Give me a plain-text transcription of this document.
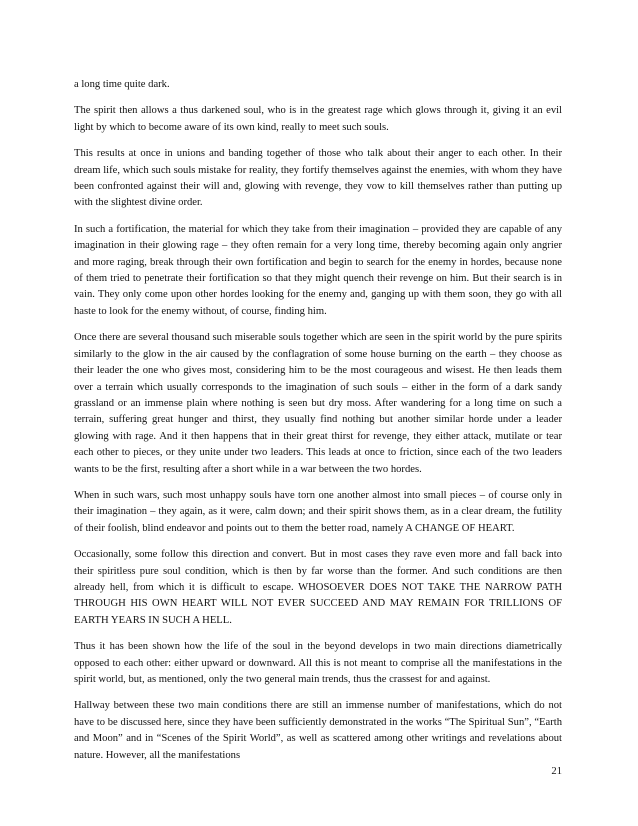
a long time quite dark.

The spirit then allows a thus darkened soul, who is in the greatest rage which glows through it, giving it an evil light by which to become aware of its own kind, really to meet such souls.

This results at once in unions and banding together of those who talk about their anger to each other. In their dream life, which such souls mistake for reality, they fortify themselves against the enemies, with whom they have been confronted against their will and, glowing with revenge, they vow to kill themselves rather than putting up with the slightest divine order.

In such a fortification, the material for which they take from their imagination – provided they are capable of any imagination in their glowing rage – they often remain for a very long time, thereby becoming again only angrier and more raging, break through their own fortification and begin to search for the enemy in hordes, because none of them tried to penetrate their fortification so that they might quench their revenge on him. But their search is in vain. They only come upon other hordes looking for the enemy and, ganging up with them soon, they go with all haste to look for the enemy without, of course, finding him.

Once there are several thousand such miserable souls together which are seen in the spirit world by the pure spirits similarly to the glow in the air caused by the conflagration of some house burning on the earth – they choose as their leader the one who gives most, considering him to be the most courageous and wisest. He then leads them over a terrain which usually corresponds to the imagination of such souls – either in the form of a dark sandy grassland or an immense plain where nothing is seen but dry moss. After wandering for a long time on such a terrain, suffering great hunger and thirst, they usually find nothing but another similar horde under a leader glowing with rage. And it then happens that in their great thirst for revenge, they either attack, mutilate or tear each other to pieces, or they unite under two leaders. This leads at once to friction, since each of the two leaders wants to be the first, resulting after a short while in a war between the two hordes.

When in such wars, such most unhappy souls have torn one another almost into small pieces – of course only in their imagination – they again, as it were, calm down; and their spirit shows them, as in a clear dream, the futility of their foolish, blind endeavor and points out to them the better road, namely A CHANGE OF HEART.

Occasionally, some follow this direction and convert. But in most cases they rave even more and fall back into their spiritless pure soul condition, which is then by far worse than the former. And such conditions are then already hell, from which it is difficult to escape. WHOSOEVER DOES NOT TAKE THE NARROW PATH THROUGH HIS OWN HEART WILL NOT EVER SUCCEED AND MAY REMAIN FOR TRILLIONS OF EARTH YEARS IN SUCH A HELL.

Thus it has been shown how the life of the soul in the beyond develops in two main directions diametrically opposed to each other: either upward or downward. All this is not meant to comprise all the manifestations in the spirit world, but, as mentioned, only the two general main trends, thus the crassest for and against.

Hallway between these two main conditions there are still an immense number of manifestations, which do not have to be discussed here, since they have been sufficiently demonstrated in the works “The Spiritual Sun”, “Earth and Moon” and in “Scenes of the Spirit World”, as well as scattered among other writings and revelations about nature. However, all the manifestations

21
